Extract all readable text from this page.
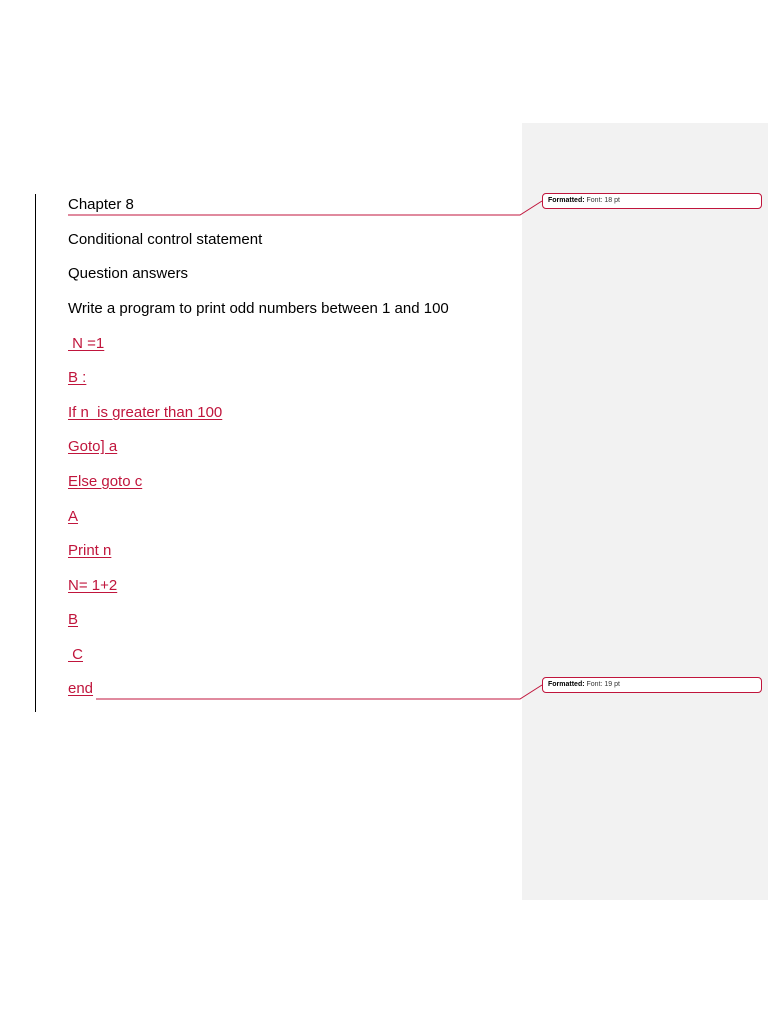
Chapter 8
Conditional control statement
Question answers
Write a program to print odd numbers between 1 and 100
N =1
B :
If n  is greater than 100
Goto] a
Else goto c
A
Print n
N= 1+2
B
C
end
Formatted: Font: 18 pt
Formatted: Font: 19 pt
